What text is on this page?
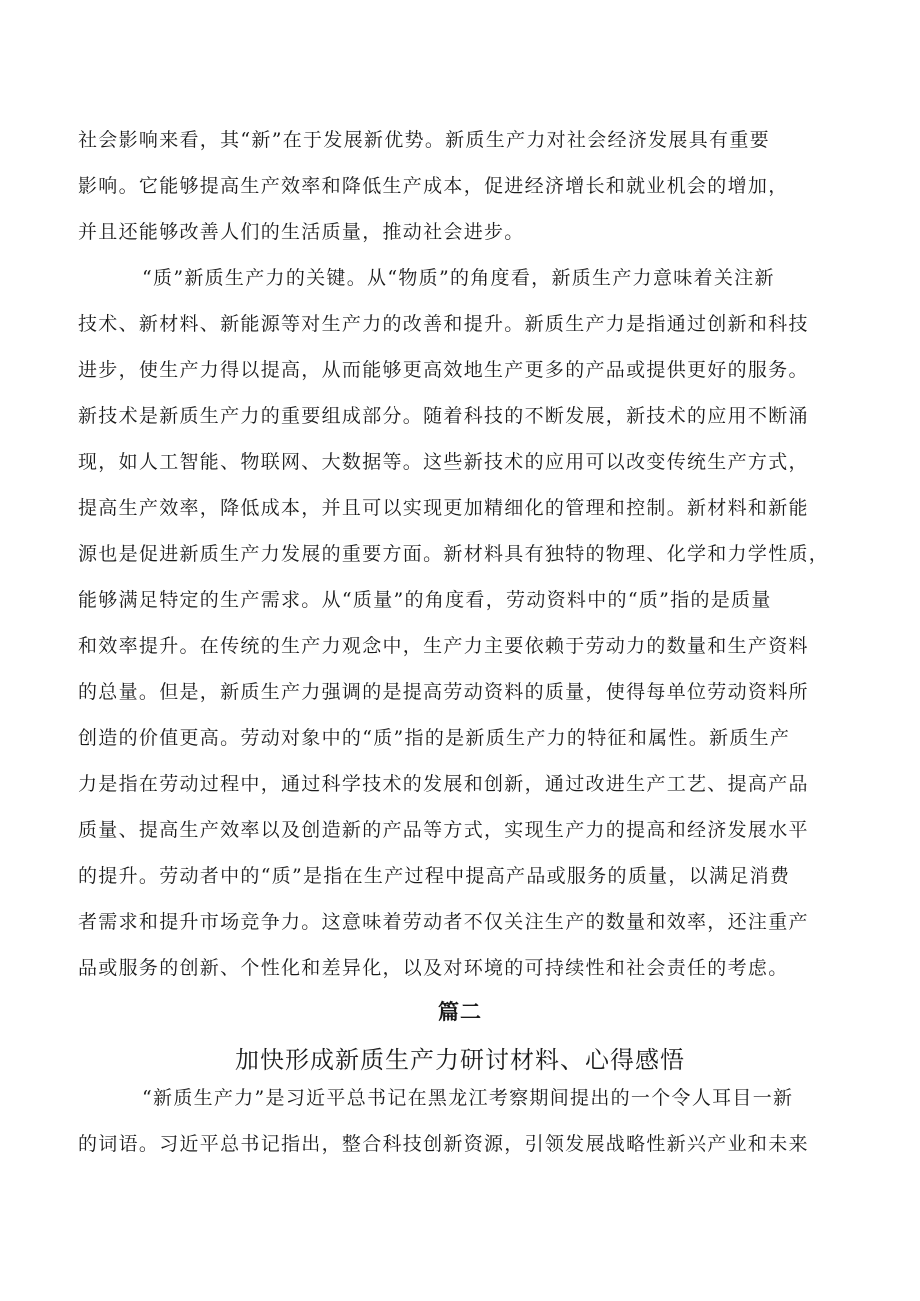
社会影响来看，其“新”在于发展新优势。新质生产力对社会经济发展具有重要
影响。它能够提高生产效率和降低生产成本，促进经济增长和就业机会的增加，
并且还能够改善人们的生活质量，推动社会进步。
“质”新质生产力的关键。从“物质”的角度看，新质生产力意味着关注新
技术、新材料、新能源等对生产力的改善和提升。新质生产力是指通过创新和科技
进步，使生产力得以提高，从而能够更高效地生产更多的产品或提供更好的服务。
新技术是新质生产力的重要组成部分。随着科技的不断发展，新技术的应用不断涌
现，如人工智能、物联网、大数据等。这些新技术的应用可以改变传统生产方式，
提高生产效率，降低成本，并且可以实现更加精细化的管理和控制。新材料和新能
源也是促进新质生产力发展的重要方面。新材料具有独特的物理、化学和力学性质，
能够满足特定的生产需求。从“质量”的角度看，劳动资料中的“质”指的是质量
和效率提升。在传统的生产力观念中，生产力主要依赖于劳动力的数量和生产资料
的总量。但是，新质生产力强调的是提高劳动资料的质量，使得每单位劳动资料所
创造的价值更高。劳动对象中的“质”指的是新质生产力的特征和属性。新质生产
力是指在劳动过程中，通过科学技术的发展和创新，通过改进生产工艺、提高产品
质量、提高生产效率以及创造新的产品等方式，实现生产力的提高和经济发展水平
的提升。劳动者中的“质”是指在生产过程中提高产品或服务的质量，以满足消费
者需求和提升市场竞争力。这意味着劳动者不仅关注生产的数量和效率，还注重产
品或服务的创新、个性化和差异化，以及对环境的可持续性和社会责任的考虑。
篇二
加快形成新质生产力研讨材料、心得感悟
“新质生产力”是习近平总书记在黑龙江考察期间提出的一个令人耳目一新
的词语。习近平总书记指出，整合科技创新资源，引领发展战略性新兴产业和未来
